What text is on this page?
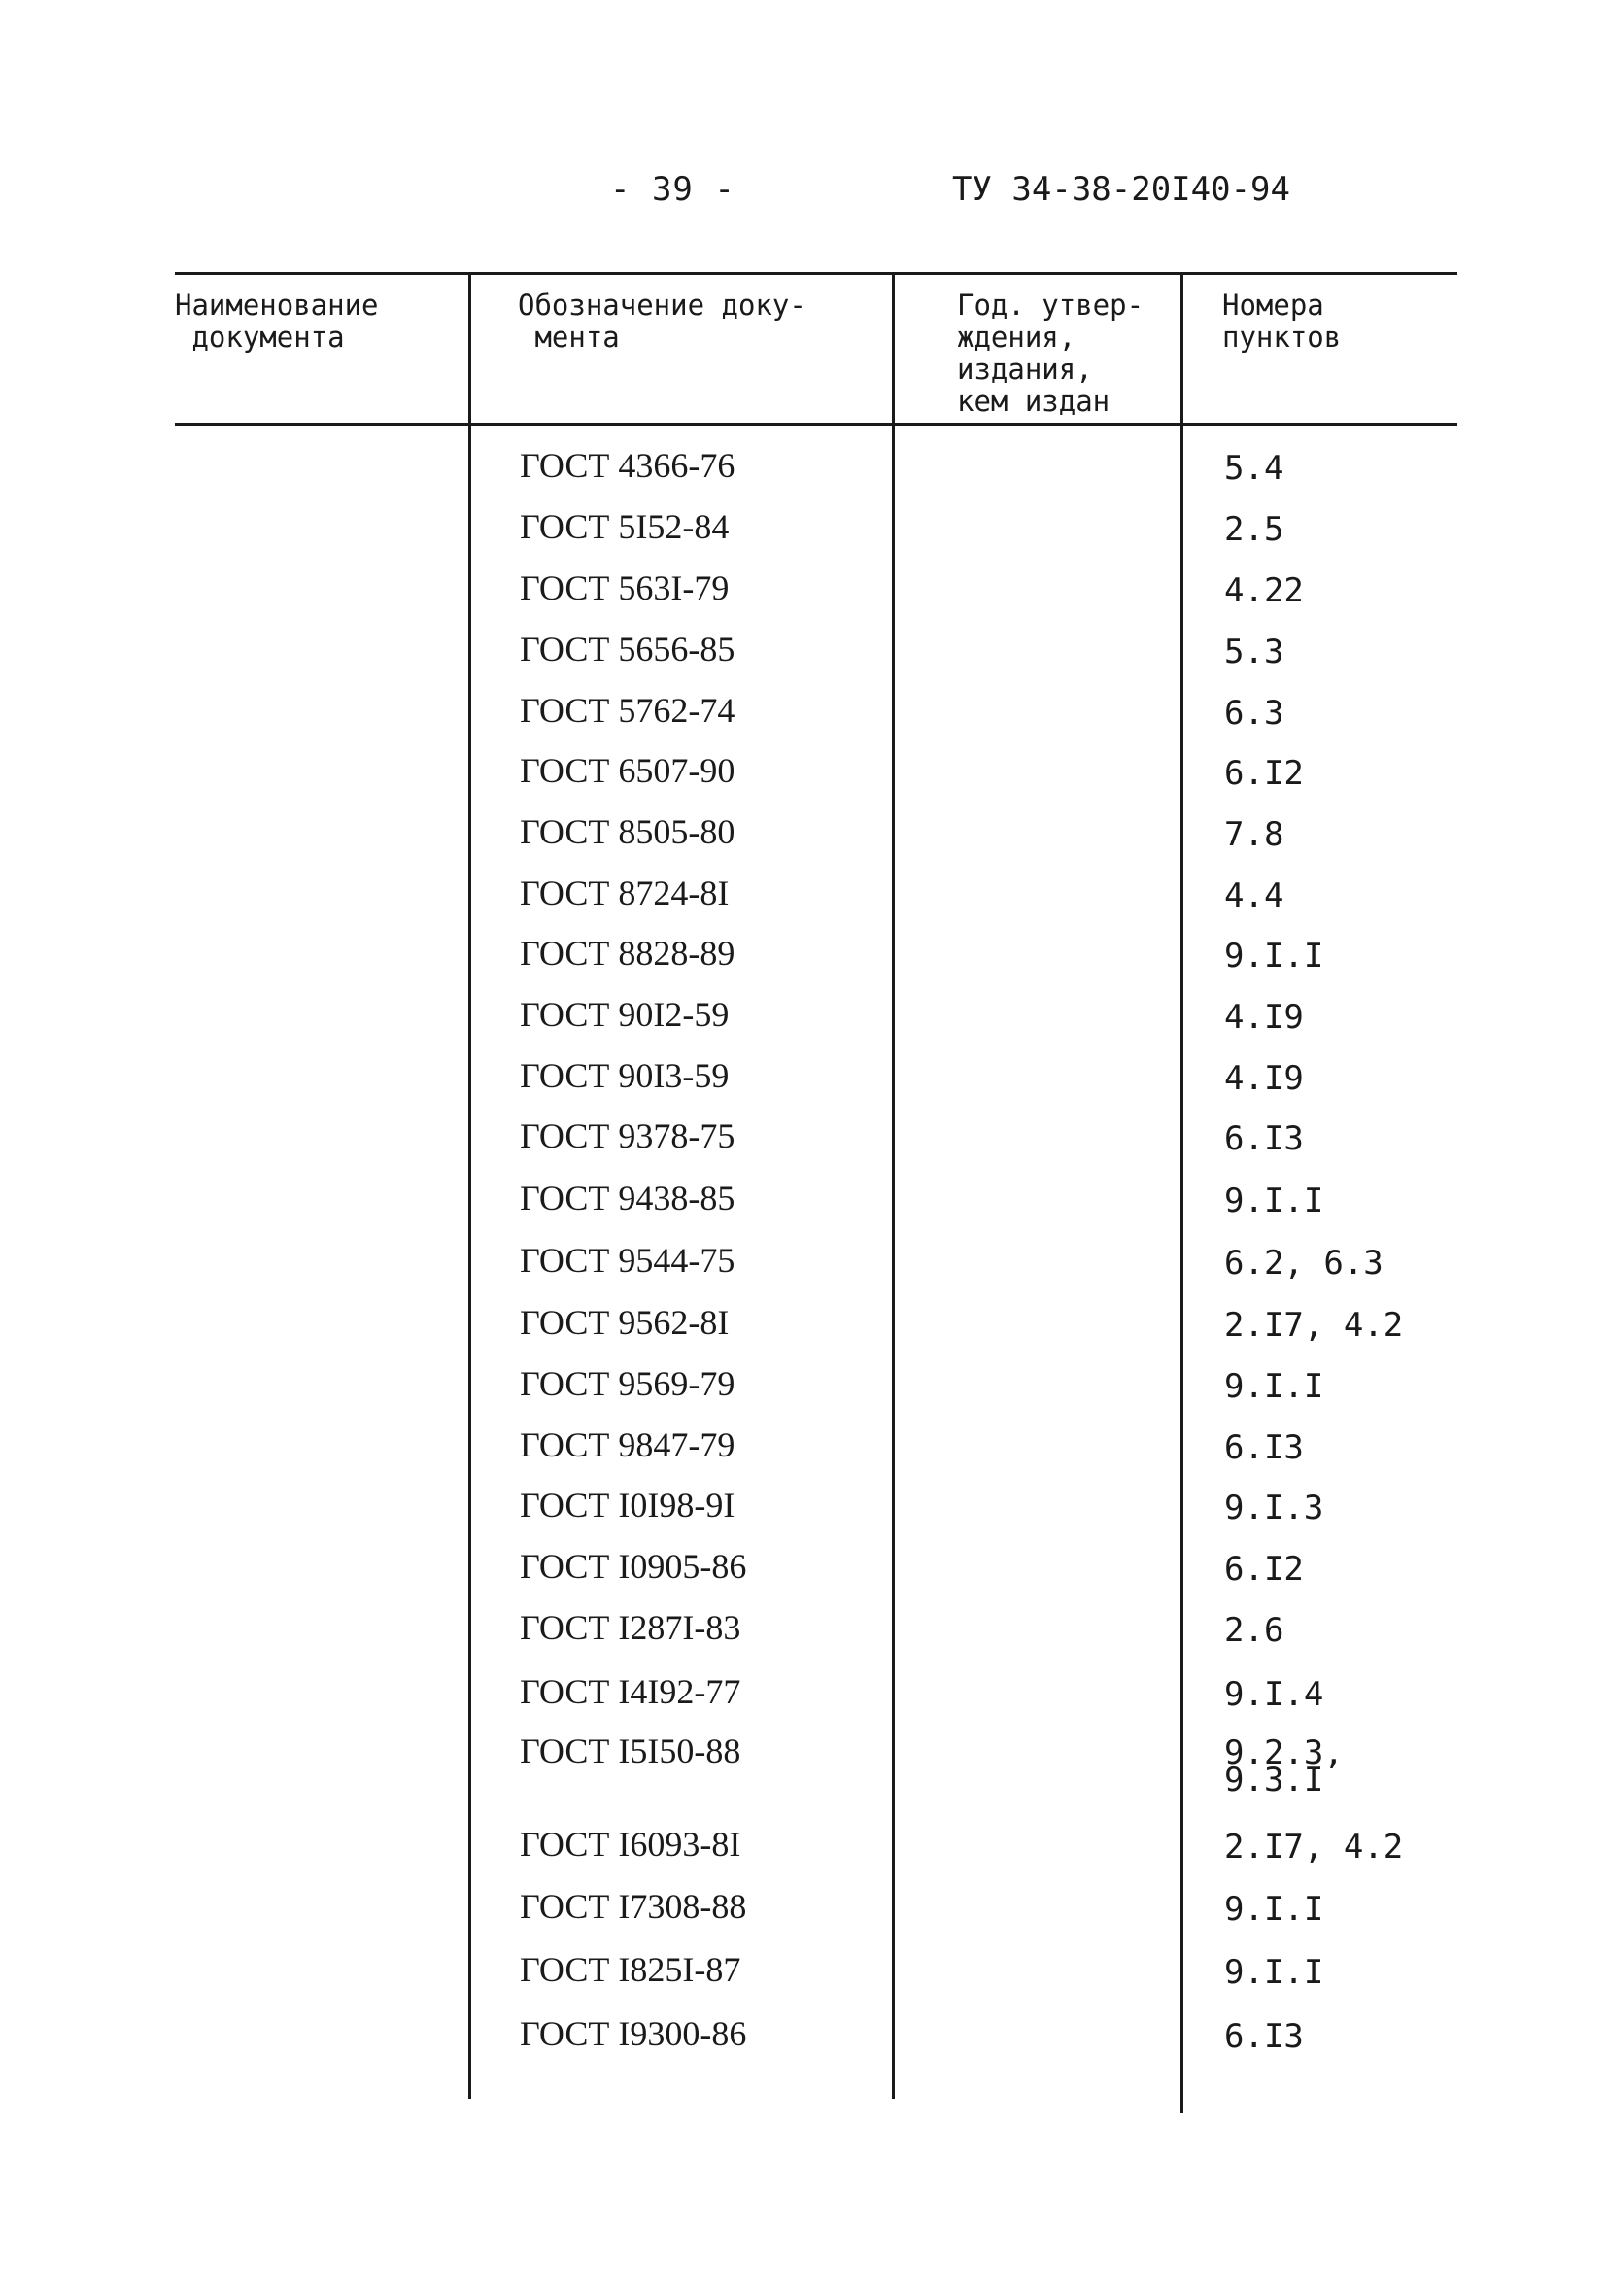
- 39 -	ТУ 34-38-20I40-94
Наименование
документа
Обозначение доку-
мента
Год. утвер-
ждения,
издания,
кем издан
Номера
пунктов
ГОСТ 4366-76
ГОСТ 5I52-84
ГОСТ 563I-79
ГОСТ 5656-85
ГОСТ 5762-74
ГОСТ 6507-90
ГОСТ 8505-80
ГОСТ 8724-8I
ГОСТ 8828-89
ГОСТ 90I2-59
ГОСТ 90I3-59
ГОСТ 9378-75
ГОСТ 9438-85
ГОСТ 9544-75
ГОСТ 9562-8I
ГОСТ 9569-79
ГОСТ 9847-79
ГОСТ I0I98-9I
ГОСТ I0905-86
ГОСТ I287I-83
ГОСТ I4I92-77
ГОСТ I5I50-88
ГОСТ I6093-8I
ГОСТ I7308-88
ГОСТ I825I-87
ГОСТ I9300-86
5.4
2.5
4.22
5.3
6.3
6.I2
7.8
4.4
9.I.I
4.I9
4.I9
6.I3
9.I.I
6.2, 6.3
2.I7, 4.2
9.I.I
6.I3
9.I.3
6.I2
2.6
9.I.4
9.2.3,
9.3.I
2.I7, 4.2
9.I.I
9.I.I
6.I3
